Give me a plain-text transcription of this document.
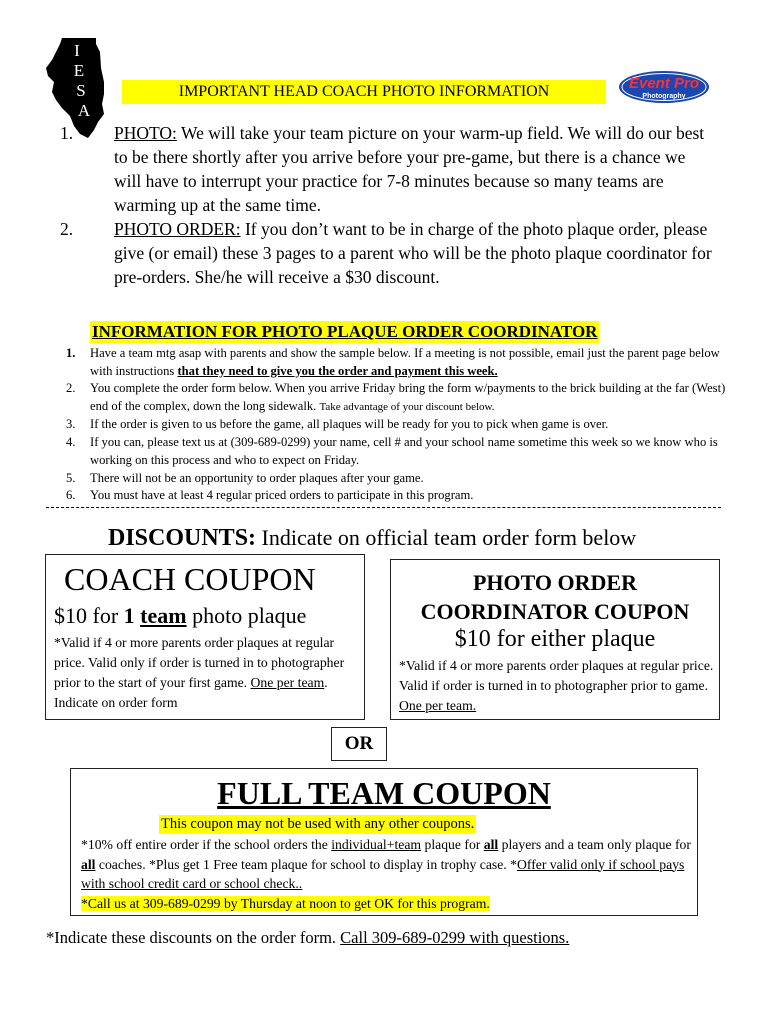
I
E
S
A
IMPORTANT HEAD COACH PHOTO INFORMATION	Event Pro
Photography
1.	PHOTO: We will take your team picture on your warm-up field. We will do our best to be there shortly after you arrive before your pre-game, but there is a chance we will have to interrupt your practice for 7-8 minutes because so many teams are warming up at the same time.
2.	PHOTO ORDER: If you don’t want to be in charge of the photo plaque order, please give (or email) these 3 pages to a parent who will be the photo plaque coordinator for pre-orders. She/he will receive a $30 discount.
INFORMATION FOR PHOTO PLAQUE ORDER COORDINATOR
1.	Have a team mtg asap with parents and show the sample below. If a meeting is not possible, email just the parent page below with instructions that they need to give you the order and payment this week.
2.	You complete the order form below. When you arrive Friday bring the form w/payments to the brick building at the far (West) end of the complex, down the long sidewalk. Take advantage of your discount below.
3.	If the order is given to us before the game, all plaques will be ready for you to pick when game is over.
4.	If you can, please text us at (309-689-0299) your name, cell # and your school name sometime this week so we know who is working on this process and who to expect on Friday.
5.	There will not be an opportunity to order plaques after your game.
6.	You must have at least 4 regular priced orders to participate in this program.
DISCOUNTS: Indicate on official team order form below
COACH COUPON
$10 for 1 team photo plaque
*Valid if 4 or more parents order plaques at regular price. Valid only if order is turned in to photographer prior to the start of your first game. One per team. Indicate on order form
PHOTO ORDER
COORDINATOR COUPON
$10 for either plaque
*Valid if 4 or more parents order plaques at regular price. Valid if order is turned in to photographer prior to game. One per team.
OR
FULL TEAM COUPON
This coupon may not be used with any other coupons.
*10% off entire order if the school orders the individual+team plaque for all players and a team only plaque for all coaches. *Plus get 1 Free team plaque for school to display in trophy case. *Offer valid only if school pays with school credit card or school check..
*Call us at 309-689-0299 by Thursday at noon to get OK for this program.
*Indicate these discounts on the order form. Call 309-689-0299 with questions.
